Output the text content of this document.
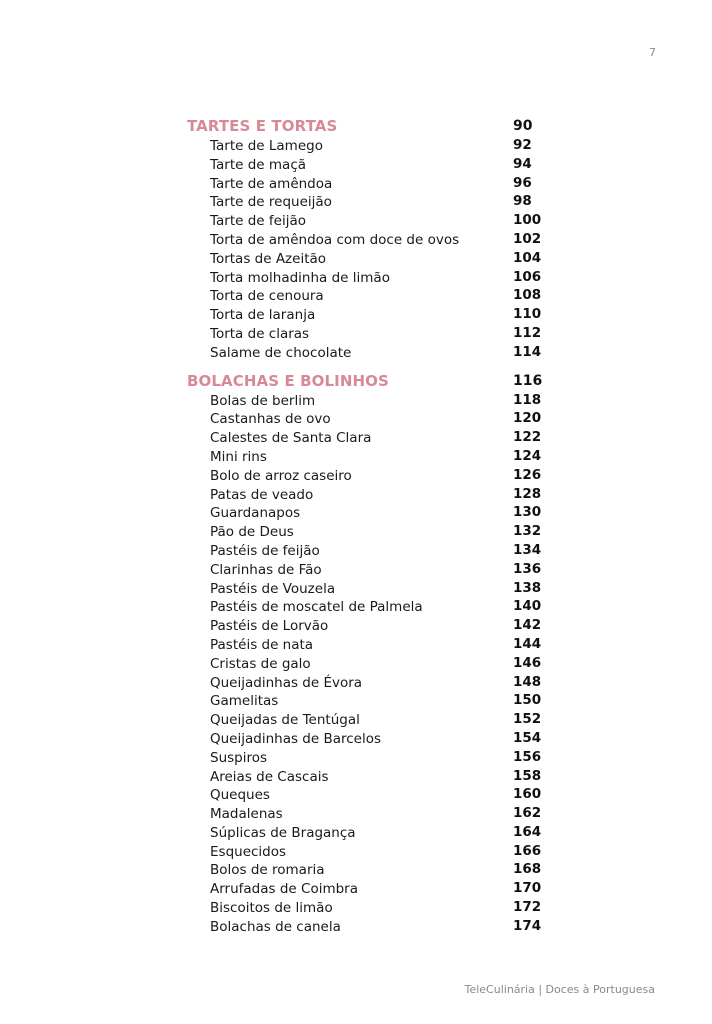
7
TARTES E TORTAS	90
Tarte de Lamego	92
Tarte de maçã	94
Tarte de amêndoa	96
Tarte de requeijão	98
Tarte de feijão	100
Torta de amêndoa com doce de ovos	102
Tortas de Azeitão	104
Torta molhadinha de limão	106
Torta de cenoura	108
Torta de laranja	110
Torta de claras	112
Salame de chocolate	114
BOLACHAS E BOLINHOS	116
Bolas de berlim	118
Castanhas de ovo	120
Calestes de Santa Clara	122
Mini rins	124
Bolo de arroz caseiro	126
Patas de veado	128
Guardanapos	130
Pão de Deus	132
Pastéis de feijão	134
Clarinhas de Fão	136
Pastéis de Vouzela	138
Pastéis de moscatel de Palmela	140
Pastéis de Lorvão	142
Pastéis de nata	144
Cristas de galo	146
Queijadinhas de Évora	148
Gamelitas	150
Queijadas de Tentúgal	152
Queijadinhas de Barcelos	154
Suspiros	156
Areias de Cascais	158
Queques	160
Madalenas	162
Súplicas de Bragança	164
Esquecidos	166
Bolos de romaria	168
Arrufadas de Coimbra	170
Biscoitos de limão	172
Bolachas de canela	174
TeleCulinária | Doces à Portuguesa
